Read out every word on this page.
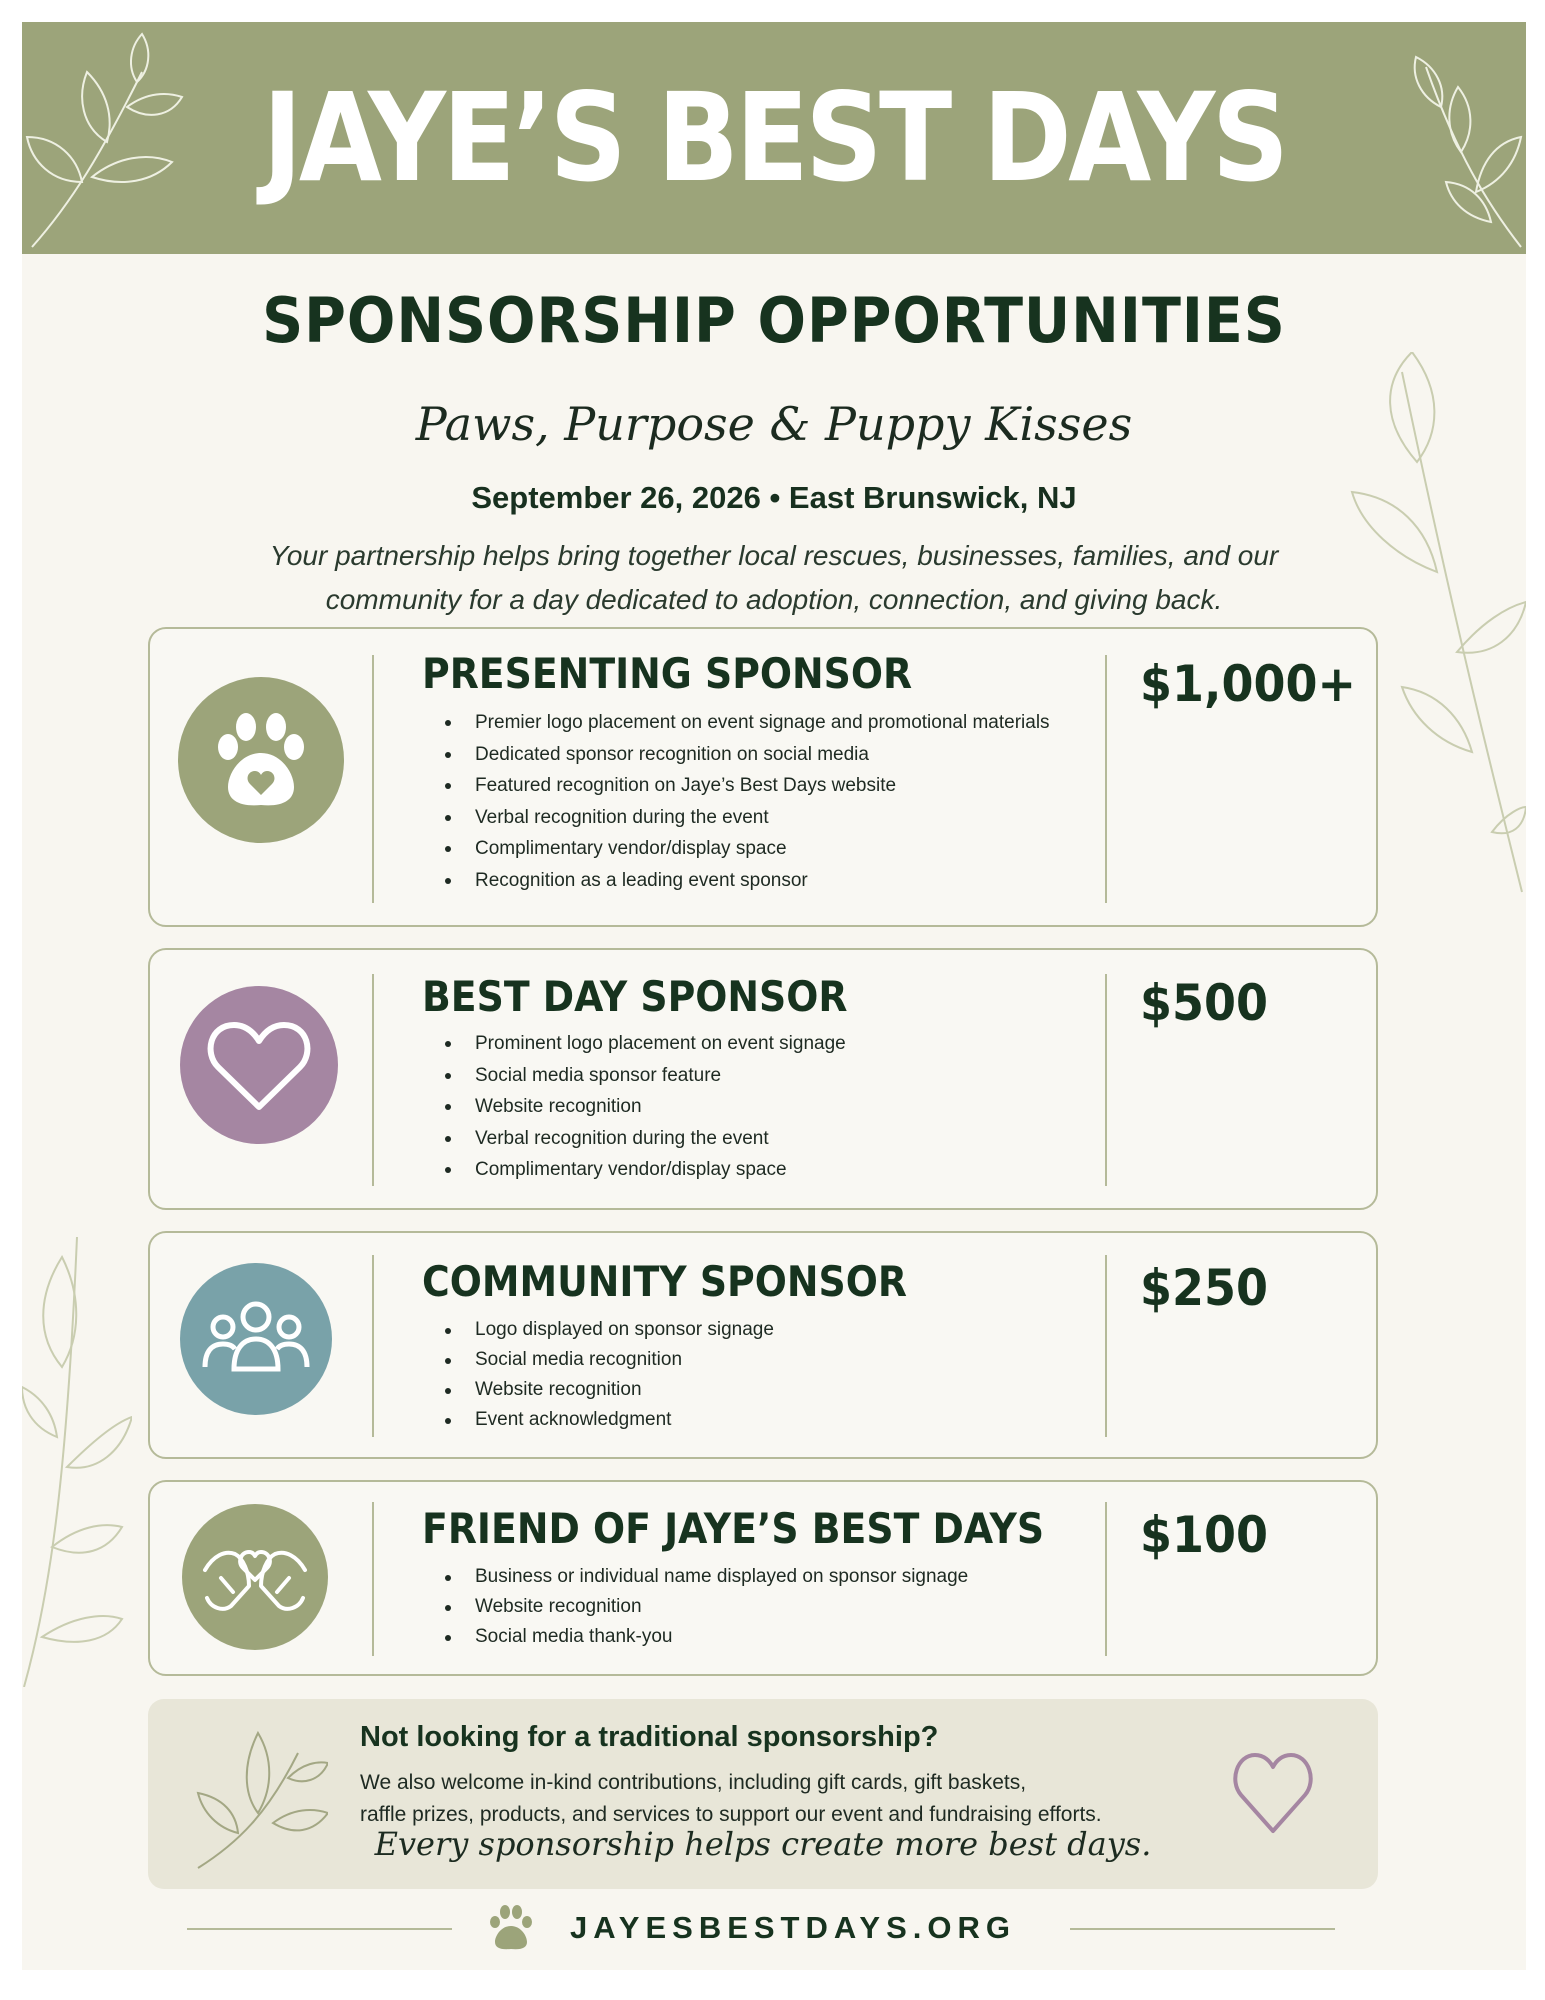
JAYE’S BEST DAYS
SPONSORSHIP OPPORTUNITIES
Paws, Purpose & Puppy Kisses
September 26, 2026 • East Brunswick, NJ
Your partnership helps bring together local rescues, businesses, families, and our community for a day dedicated to adoption, connection, and giving back.
PRESENTING SPONSOR	$1,000+
Premier logo placement on event signage and promotional materials
Dedicated sponsor recognition on social media
Featured recognition on Jaye’s Best Days website
Verbal recognition during the event
Complimentary vendor/display space
Recognition as a leading event sponsor
BEST DAY SPONSOR	$500
Prominent logo placement on event signage
Social media sponsor feature
Website recognition
Verbal recognition during the event
Complimentary vendor/display space
COMMUNITY SPONSOR	$250
Logo displayed on sponsor signage
Social media recognition
Website recognition
Event acknowledgment
FRIEND OF JAYE’S BEST DAYS $100
Business or individual name displayed on sponsor signage
Website recognition
Social media thank-you
Not looking for a traditional sponsorship?
We also welcome in-kind contributions, including gift cards, gift baskets,
raffle prizes, products, and services to support our event and fundraising efforts.
Every sponsorship helps create more best days.
JAYESBESTDAYS.ORG
